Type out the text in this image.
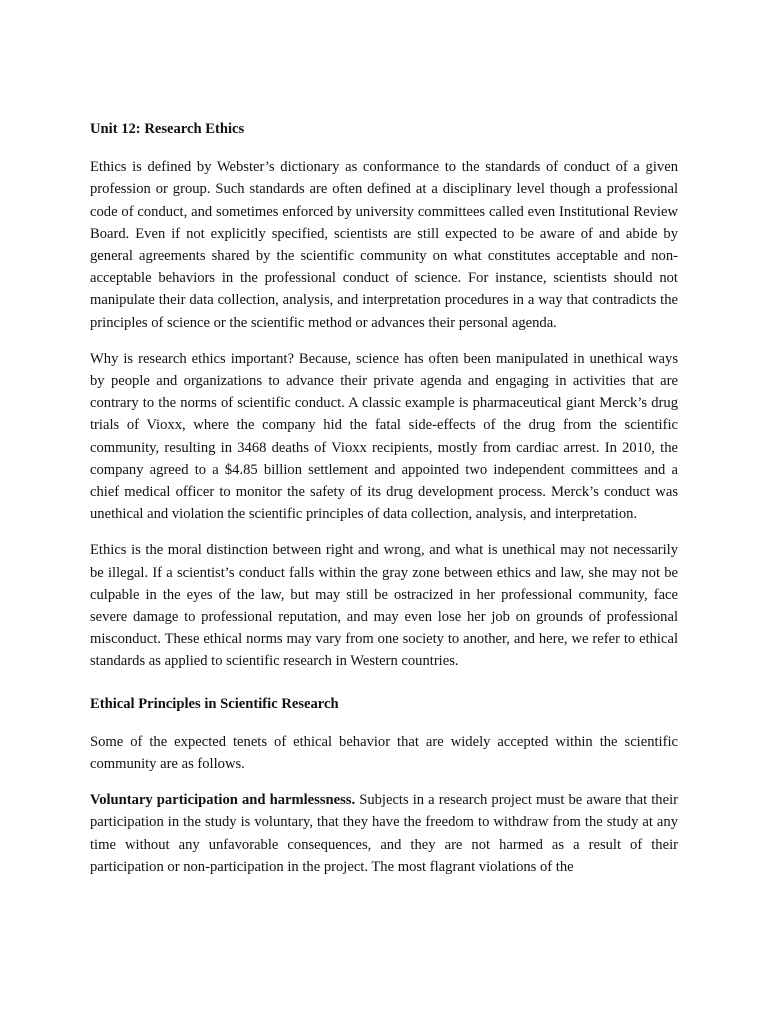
Unit 12: Research Ethics

Ethics is defined by Webster’s dictionary as conformance to the standards of conduct of a given profession or group. Such standards are often defined at a disciplinary level though a professional code of conduct, and sometimes enforced by university committees called even Institutional Review Board. Even if not explicitly specified, scientists are still expected to be aware of and abide by general agreements shared by the scientific community on what constitutes acceptable and non-acceptable behaviors in the professional conduct of science. For instance, scientists should not manipulate their data collection, analysis, and interpretation procedures in a way that contradicts the principles of science or the scientific method or advances their personal agenda.

Why is research ethics important? Because, science has often been manipulated in unethical ways by people and organizations to advance their private agenda and engaging in activities that are contrary to the norms of scientific conduct. A classic example is pharmaceutical giant Merck’s drug trials of Vioxx, where the company hid the fatal side-effects of the drug from the scientific community, resulting in 3468 deaths of Vioxx recipients, mostly from cardiac arrest. In 2010, the company agreed to a $4.85 billion settlement and appointed two independent committees and a chief medical officer to monitor the safety of its drug development process. Merck’s conduct was unethical and violation the scientific principles of data collection, analysis, and interpretation.

Ethics is the moral distinction between right and wrong, and what is unethical may not necessarily be illegal. If a scientist’s conduct falls within the gray zone between ethics and law, she may not be culpable in the eyes of the law, but may still be ostracized in her professional community, face severe damage to professional reputation, and may even lose her job on grounds of professional misconduct. These ethical norms may vary from one society to another, and here, we refer to ethical standards as applied to scientific research in Western countries.

Ethical Principles in Scientific Research

Some of the expected tenets of ethical behavior that are widely accepted within the scientific community are as follows.

Voluntary participation and harmlessness. Subjects in a research project must be aware that their participation in the study is voluntary, that they have the freedom to withdraw from the study at any time without any unfavorable consequences, and they are not harmed as a result of their participation or non-participation in the project. The most flagrant violations of the
